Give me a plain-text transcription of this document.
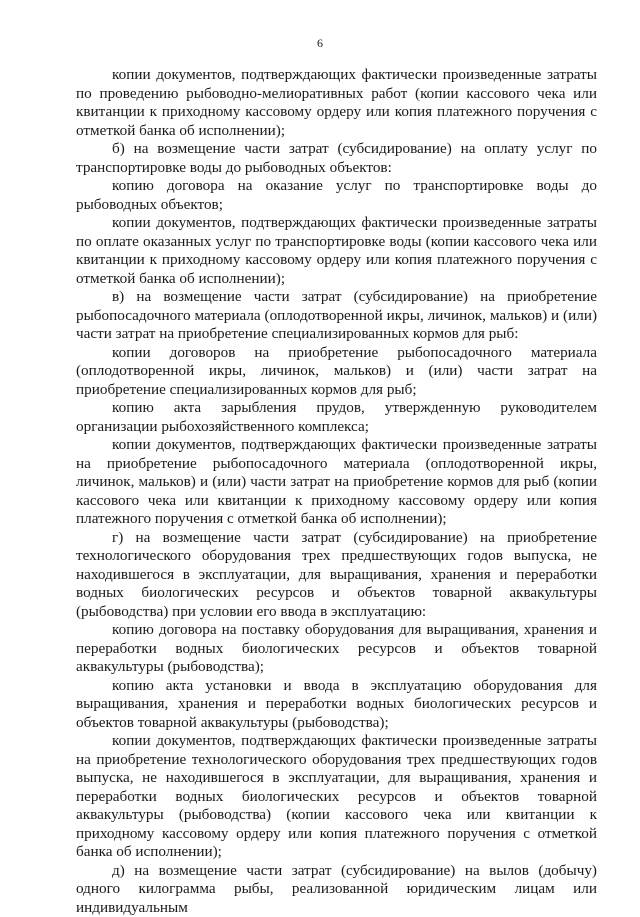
6

копии документов, подтверждающих фактически произведенные затраты по проведению рыбоводно-мелиоративных работ (копии кассового чека или квитанции к приходному кассовому ордеру или копия платежного поручения с отметкой банка об исполнении);

б) на возмещение части затрат (субсидирование) на оплату услуг по транспортировке воды до рыбоводных объектов:

копию договора на оказание услуг по транспортировке воды до рыбоводных объектов;

копии документов, подтверждающих фактически произведенные затраты по оплате оказанных услуг по транспортировке воды (копии кассового чека или квитанции к приходному кассовому ордеру или копия платежного поручения с отметкой банка об исполнении);

в) на возмещение части затрат (субсидирование) на приобретение рыбопосадочного материала (оплодотворенной икры, личинок, мальков) и (или) части затрат на приобретение специализированных кормов для рыб:

копии договоров на приобретение рыбопосадочного материала (оплодотворенной икры, личинок, мальков) и (или) части затрат на приобретение специализированных кормов для рыб;

копию акта зарыбления прудов, утвержденную руководителем организации рыбохозяйственного комплекса;

копии документов, подтверждающих фактически произведенные затраты на приобретение рыбопосадочного материала (оплодотворенной икры, личинок, мальков) и (или) части затрат на приобретение кормов для рыб (копии кассового чека или квитанции к приходному кассовому ордеру или копия платежного поручения с отметкой банка об исполнении);

г) на возмещение части затрат (субсидирование) на приобретение технологического оборудования трех предшествующих годов выпуска, не находившегося в эксплуатации, для выращивания, хранения и переработки водных биологических ресурсов и объектов товарной аквакультуры (рыбоводства) при условии его ввода в эксплуатацию:

копию договора на поставку оборудования для выращивания, хранения и переработки водных биологических ресурсов и объектов товарной аквакультуры (рыбоводства);

копию акта установки и ввода в эксплуатацию оборудования для выращивания, хранения и переработки водных биологических ресурсов и объектов товарной аквакультуры (рыбоводства);

копии документов, подтверждающих фактически произведенные затраты на приобретение технологического оборудования трех предшествующих годов выпуска, не находившегося в эксплуатации, для выращивания, хранения и переработки водных биологических ресурсов и объектов товарной аквакультуры (рыбоводства) (копии кассового чека или квитанции к приходному кассовому ордеру или копия платежного поручения с отметкой банка об исполнении);

д) на возмещение части затрат (субсидирование) на вылов (добычу) одного килограмма рыбы, реализованной юридическим лицам или индивидуальным
